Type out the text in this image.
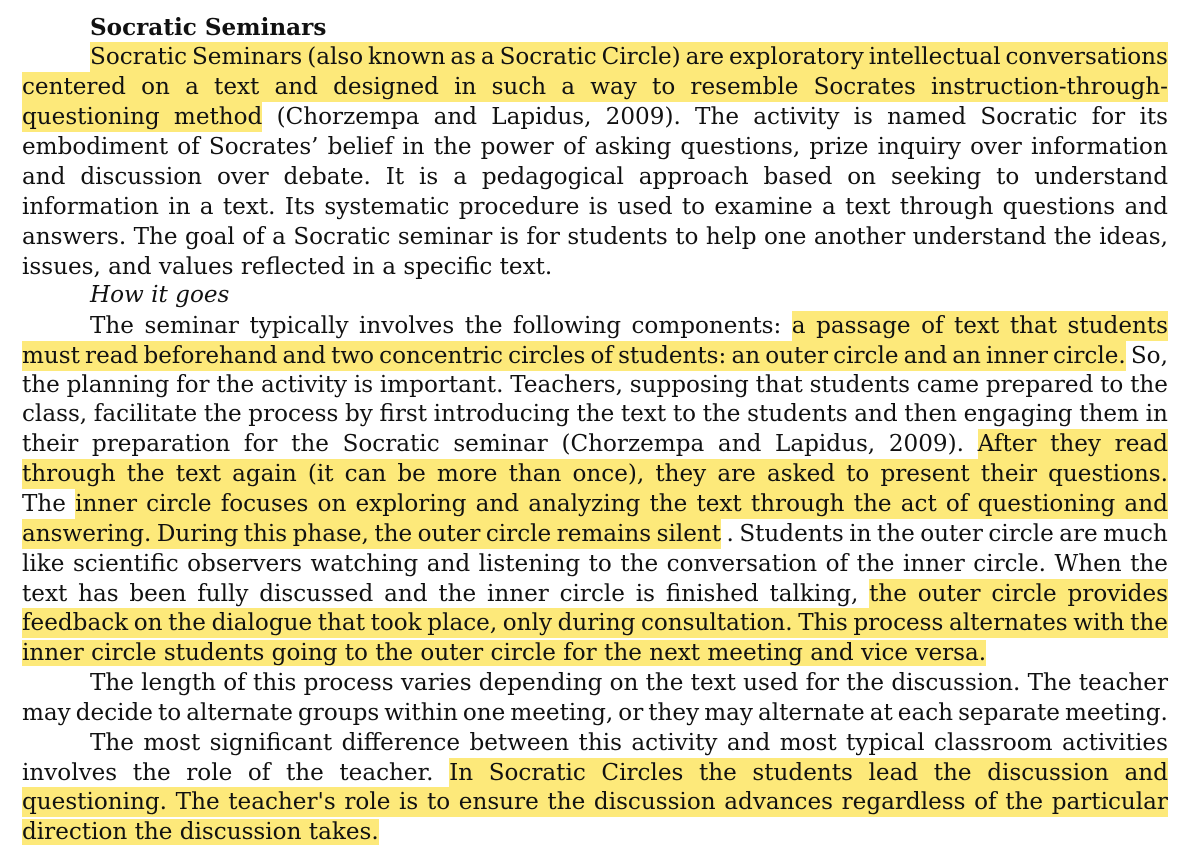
Socratic Seminars
How it goes
Socratic Seminars (also known as a Socratic Circle) are exploratory intellectual conversations
centered on a text and designed in such a way to resemble Socrates instruction-through-
questioning method (Chorzempa and Lapidus, 2009). The activity is named Socratic for its
embodiment of Socrates’ belief in the power of asking questions, prize inquiry over information
and discussion over debate. It is a pedagogical approach based on seeking to understand
information in a text. Its systematic procedure is used to examine a text through questions and
answers. The goal of a Socratic seminar is for students to help one another understand the ideas,
issues, and values reflected in a specific text.
The seminar typically involves the following components: a passage of text that students
must read beforehand and two concentric circles of students: an outer circle and an inner circle. So,
the planning for the activity is important. Teachers, supposing that students came prepared to the
class, facilitate the process by first introducing the text to the students and then engaging them in
their preparation for the Socratic seminar (Chorzempa and Lapidus, 2009). After they read
through the text again (it can be more than once), they are asked to present their questions.
The inner circle focuses on exploring and analyzing the text through the act of questioning and
answering. During this phase, the outer circle remains silent . Students in the outer circle are much
like scientific observers watching and listening to the conversation of the inner circle. When the
text has been fully discussed and the inner circle is finished talking, the outer circle provides
feedback on the dialogue that took place, only during consultation. This process alternates with the
inner circle students going to the outer circle for the next meeting and vice versa.
The length of this process varies depending on the text used for the discussion. The teacher
may decide to alternate groups within one meeting, or they may alternate at each separate meeting.
The most significant difference between this activity and most typical classroom activities
involves the role of the teacher. In Socratic Circles the students lead the discussion and
questioning. The teacher's role is to ensure the discussion advances regardless of the particular
direction the discussion takes.
